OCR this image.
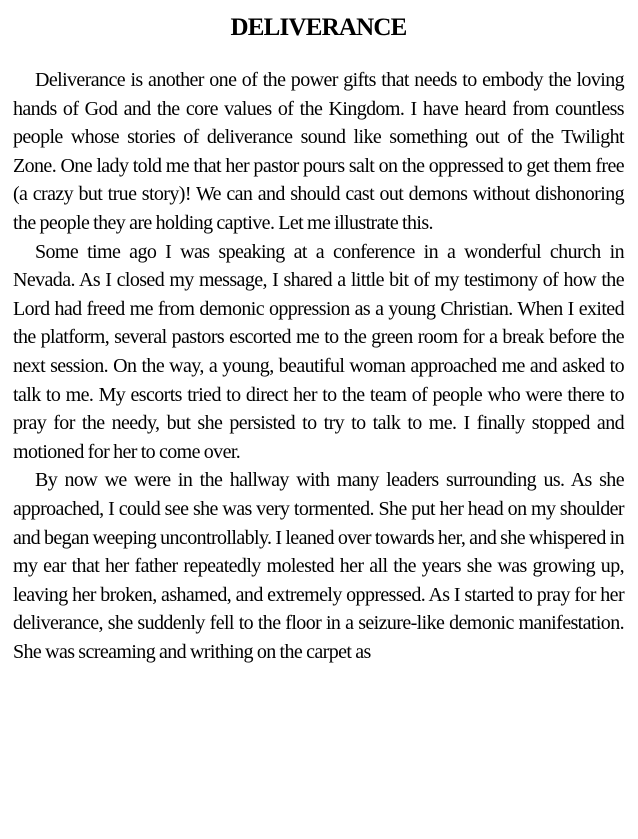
DELIVERANCE

Deliverance is another one of the power gifts that needs to embody the loving hands of God and the core values of the Kingdom. I have heard from countless people whose stories of deliverance sound like something out of the Twilight Zone. One lady told me that her pastor pours salt on the oppressed to get them free (a crazy but true story)! We can and should cast out demons without dishonoring the people they are holding captive. Let me illustrate this.

Some time ago I was speaking at a conference in a wonderful church in Nevada. As I closed my message, I shared a little bit of my testimony of how the Lord had freed me from demonic oppression as a young Christian. When I exited the platform, several pastors escorted me to the green room for a break before the next session. On the way, a young, beautiful woman approached me and asked to talk to me. My escorts tried to direct her to the team of people who were there to pray for the needy, but she persisted to try to talk to me. I finally stopped and motioned for her to come over.

By now we were in the hallway with many leaders surrounding us. As she approached, I could see she was very tormented. She put her head on my shoulder and began weeping uncontrollably. I leaned over towards her, and she whispered in my ear that her father repeatedly molested her all the years she was growing up, leaving her broken, ashamed, and extremely oppressed. As I started to pray for her deliverance, she suddenly fell to the floor in a seizure-like demonic manifestation. She was screaming and writhing on the carpet as
